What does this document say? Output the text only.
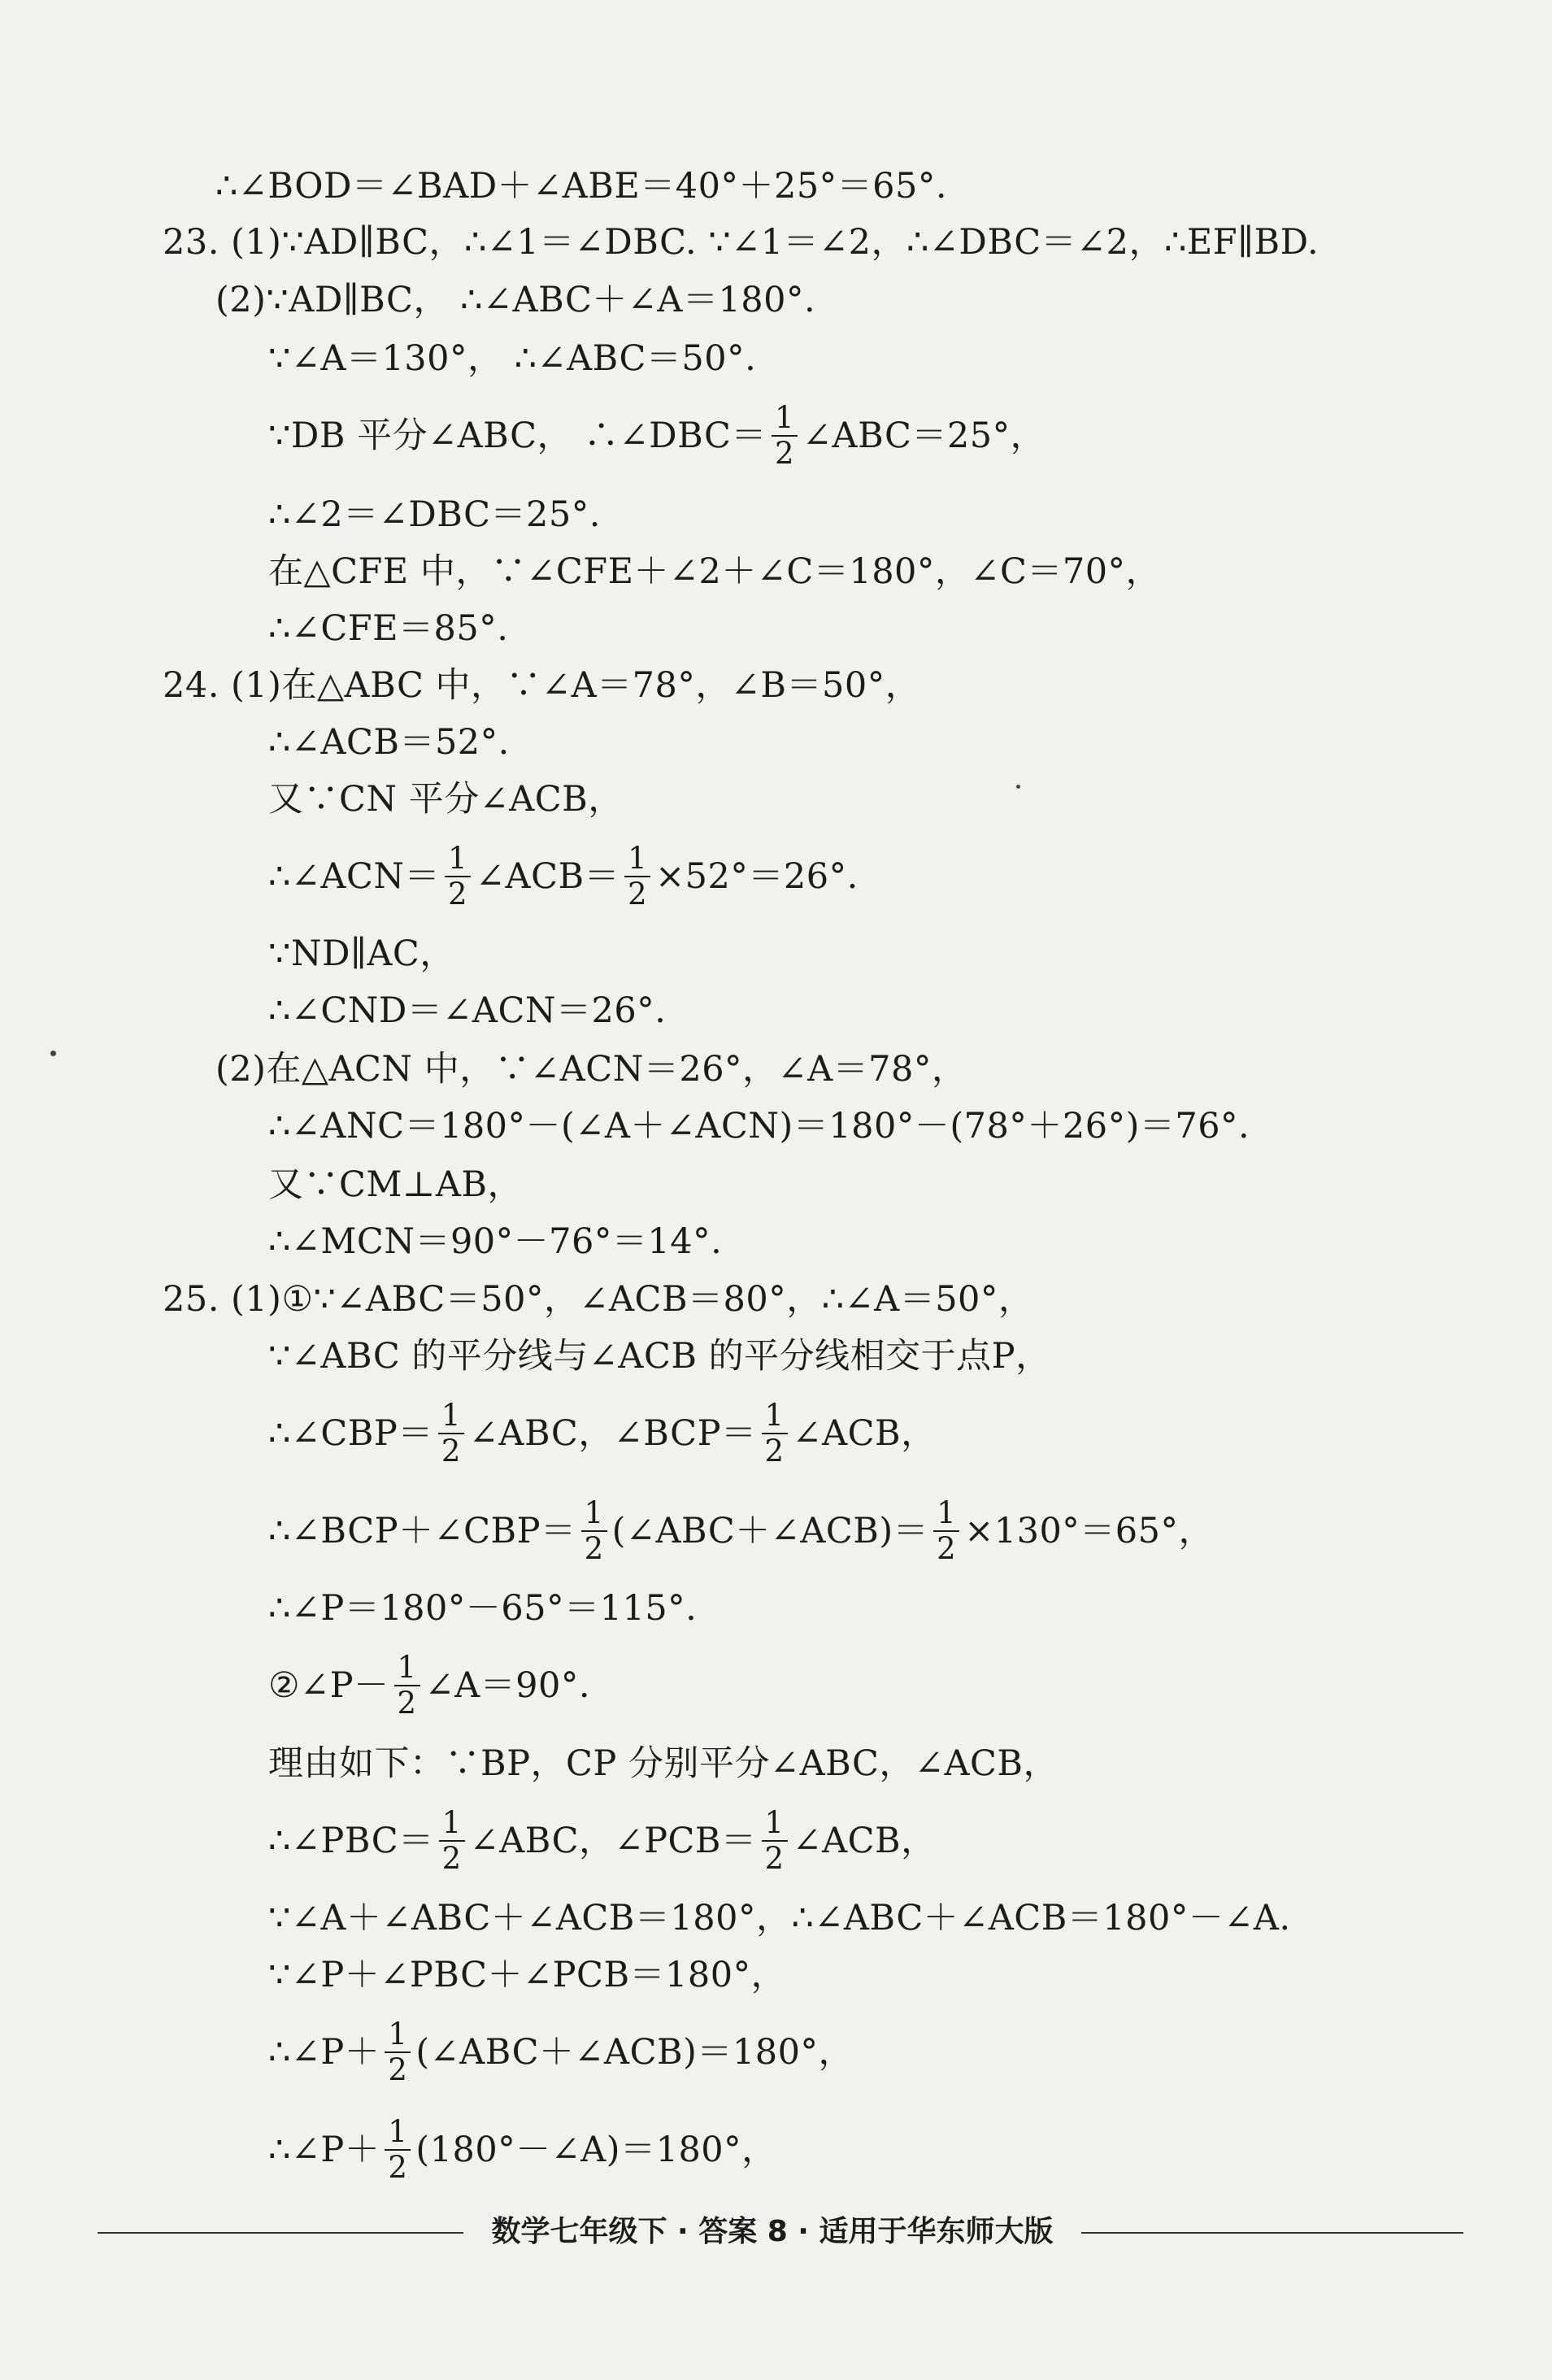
∴∠BOD＝∠BAD＋∠ABE＝40°＋25°＝65°.
23. (1)∵AD∥BC，∴∠1＝∠DBC. ∵∠1＝∠2，∴∠DBC＝∠2，∴EF∥BD.
(2)∵AD∥BC， ∴∠ABC＋∠A＝180°.
∵∠A＝130°， ∴∠ABC＝50°.
∵DB 平分∠ABC， ∴∠DBC＝ $\frac{1}{2}$ ∠ABC＝25°，
∴∠2＝∠DBC＝25°.
在△CFE 中，∵∠CFE＋∠2＋∠C＝180°，∠C＝70°，
∴∠CFE＝85°.
24. (1)在△ABC 中，∵∠A＝78°，∠B＝50°，
∴∠ACB＝52°.
又∵CN 平分∠ACB，
∴∠ACN＝ $\frac{1}{2}$ ∠ACB＝ $\frac{1}{2} \times 52^\circ=26^\circ$.
∵ND∥AC，
∴∠CND＝∠ACN＝26°.
(2)在△ACN 中，∵∠ACN＝26°，∠A＝78°，
∴∠ANC＝180°－(∠A＋∠ACN)＝180°－(78°＋26°)＝76°.
又∵CM⊥AB，
∴∠MCN＝90°－76°＝14°.
25. (1)①∵∠ABC＝50°，∠ACB＝80°，∴∠A＝50°，
∵∠ABC 的平分线与∠ACB 的平分线相交于点P，
∴∠CBP＝ $\frac{1}{2}$ ∠ABC，∠BCP＝ $\frac{1}{2}$ ∠ACB，
∴∠BCP＋∠CBP＝ $\frac{1}{2}$ (∠ABC＋∠ACB)＝ $\frac{1}{2} \times 130^\circ=65^\circ$，
∴∠P＝180°－65°＝115°.
②∠P－ $\frac{1}{2}$ ∠A＝90°.
理由如下：∵BP，CP 分别平分∠ABC，∠ACB，
∴∠PBC＝ $\frac{1}{2}$ ∠ABC，∠PCB＝ $\frac{1}{2}$ ∠ACB，
∵∠A＋∠ABC＋∠ACB＝180°，∴∠ABC＋∠ACB＝180°－∠A.
∵∠P＋∠PBC＋∠PCB＝180°，
∴∠P＋ $\frac{1}{2}$ (∠ABC＋∠ACB)＝180°，
∴∠P＋ $\frac{1}{2}$ (180°－∠A)＝180°，
数学七年级下 · 答案 8 · 适用于华东师大版
